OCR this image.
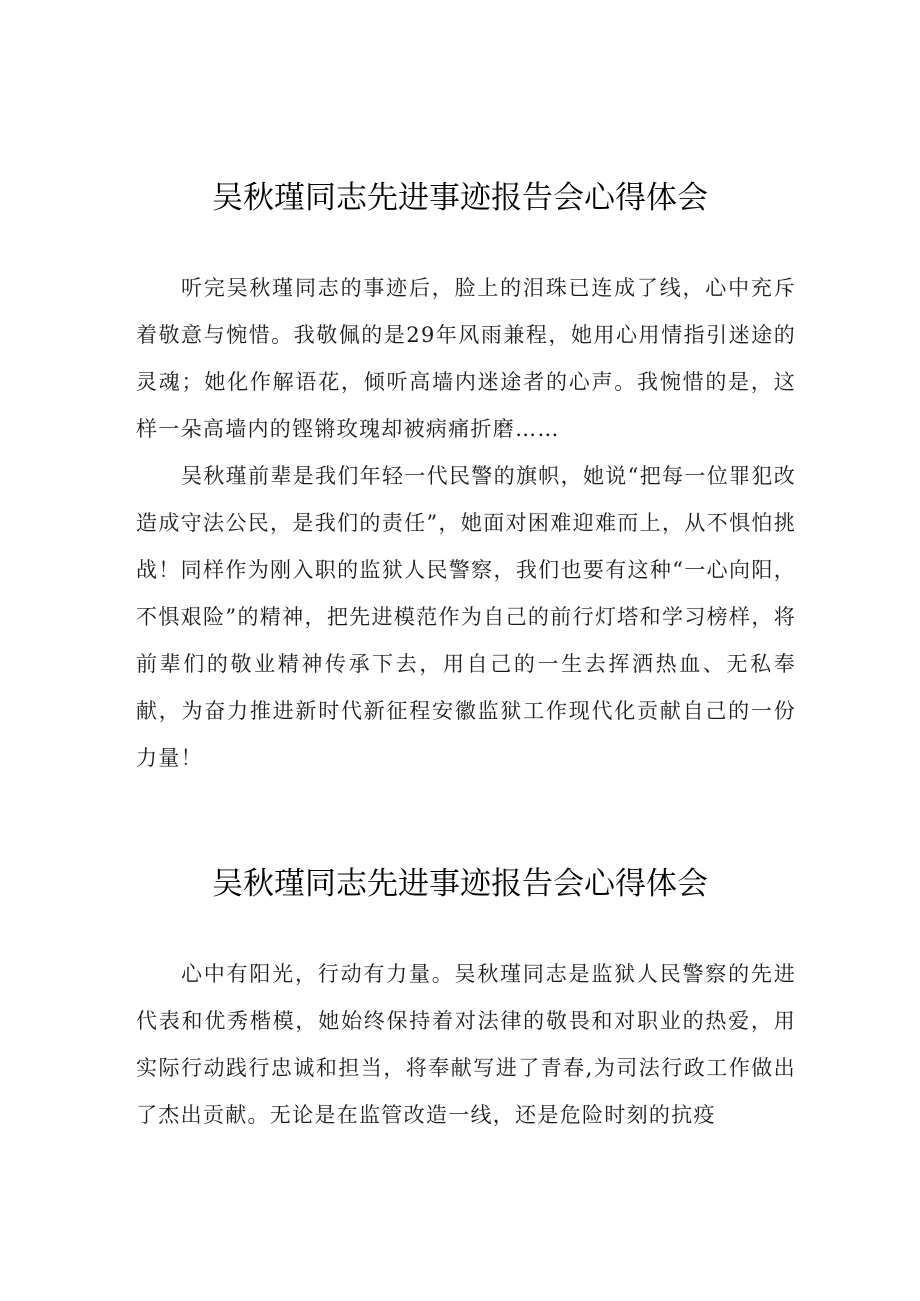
吴秋瑾同志先进事迹报告会心得体会

听完吴秋瑾同志的事迹后，脸上的泪珠已连成了线，心中充斥着敬意与惋惜。我敬佩的是29年风雨兼程，她用心用情指引迷途的灵魂；她化作解语花，倾听高墙内迷途者的心声。我惋惜的是，这样一朵高墙内的铿锵玫瑰却被病痛折磨……

吴秋瑾前辈是我们年轻一代民警的旗帜，她说“把每一位罪犯改造成守法公民，是我们的责任”，她面对困难迎难而上，从不惧怕挑战！同样作为刚入职的监狱人民警察，我们也要有这种“一心向阳，不惧艰险”的精神，把先进模范作为自己的前行灯塔和学习榜样，将前辈们的敬业精神传承下去，用自己的一生去挥洒热血、无私奉献，为奋力推进新时代新征程安徽监狱工作现代化贡献自己的一份力量！

吴秋瑾同志先进事迹报告会心得体会

心中有阳光，行动有力量。吴秋瑾同志是监狱人民警察的先进代表和优秀楷模，她始终保持着对法律的敬畏和对职业的热爱，用实际行动践行忠诚和担当，将奉献写进了青春,为司法行政工作做出了杰出贡献。无论是在监管改造一线，还是危险时刻的抗疫
